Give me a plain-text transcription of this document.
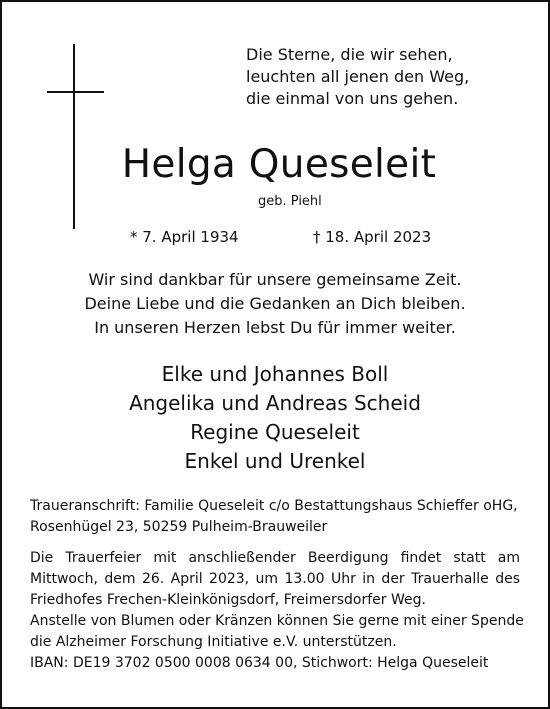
Die Sterne, die wir sehen,
leuchten all jenen den Weg,
die einmal von uns gehen.
Helga Queseleit
geb. Piehl
* 7. April 1934	† 18. April 2023
Wir sind dankbar für unsere gemeinsame Zeit.
Deine Liebe und die Gedanken an Dich bleiben.
In unseren Herzen lebst Du für immer weiter.
Elke und Johannes Boll
Angelika und Andreas Scheid
Regine Queseleit
Enkel und Urenkel
Traueranschrift: Familie Queseleit c/o Bestattungshaus Schieffer oHG,
Rosenhügel 23, 50259 Pulheim-Brauweiler
Die Trauerfeier mit anschließender Beerdigung findet statt am
Mittwoch, dem 26. April 2023, um 13.00 Uhr in der Trauerhalle des
Friedhofes Frechen-Kleinkönigsdorf, Freimersdorfer Weg.
Anstelle von Blumen oder Kränzen können Sie gerne mit einer Spende
die Alzheimer Forschung Initiative e.V. unterstützen.
IBAN: DE19 3702 0500 0008 0634 00, Stichwort: Helga Queseleit
